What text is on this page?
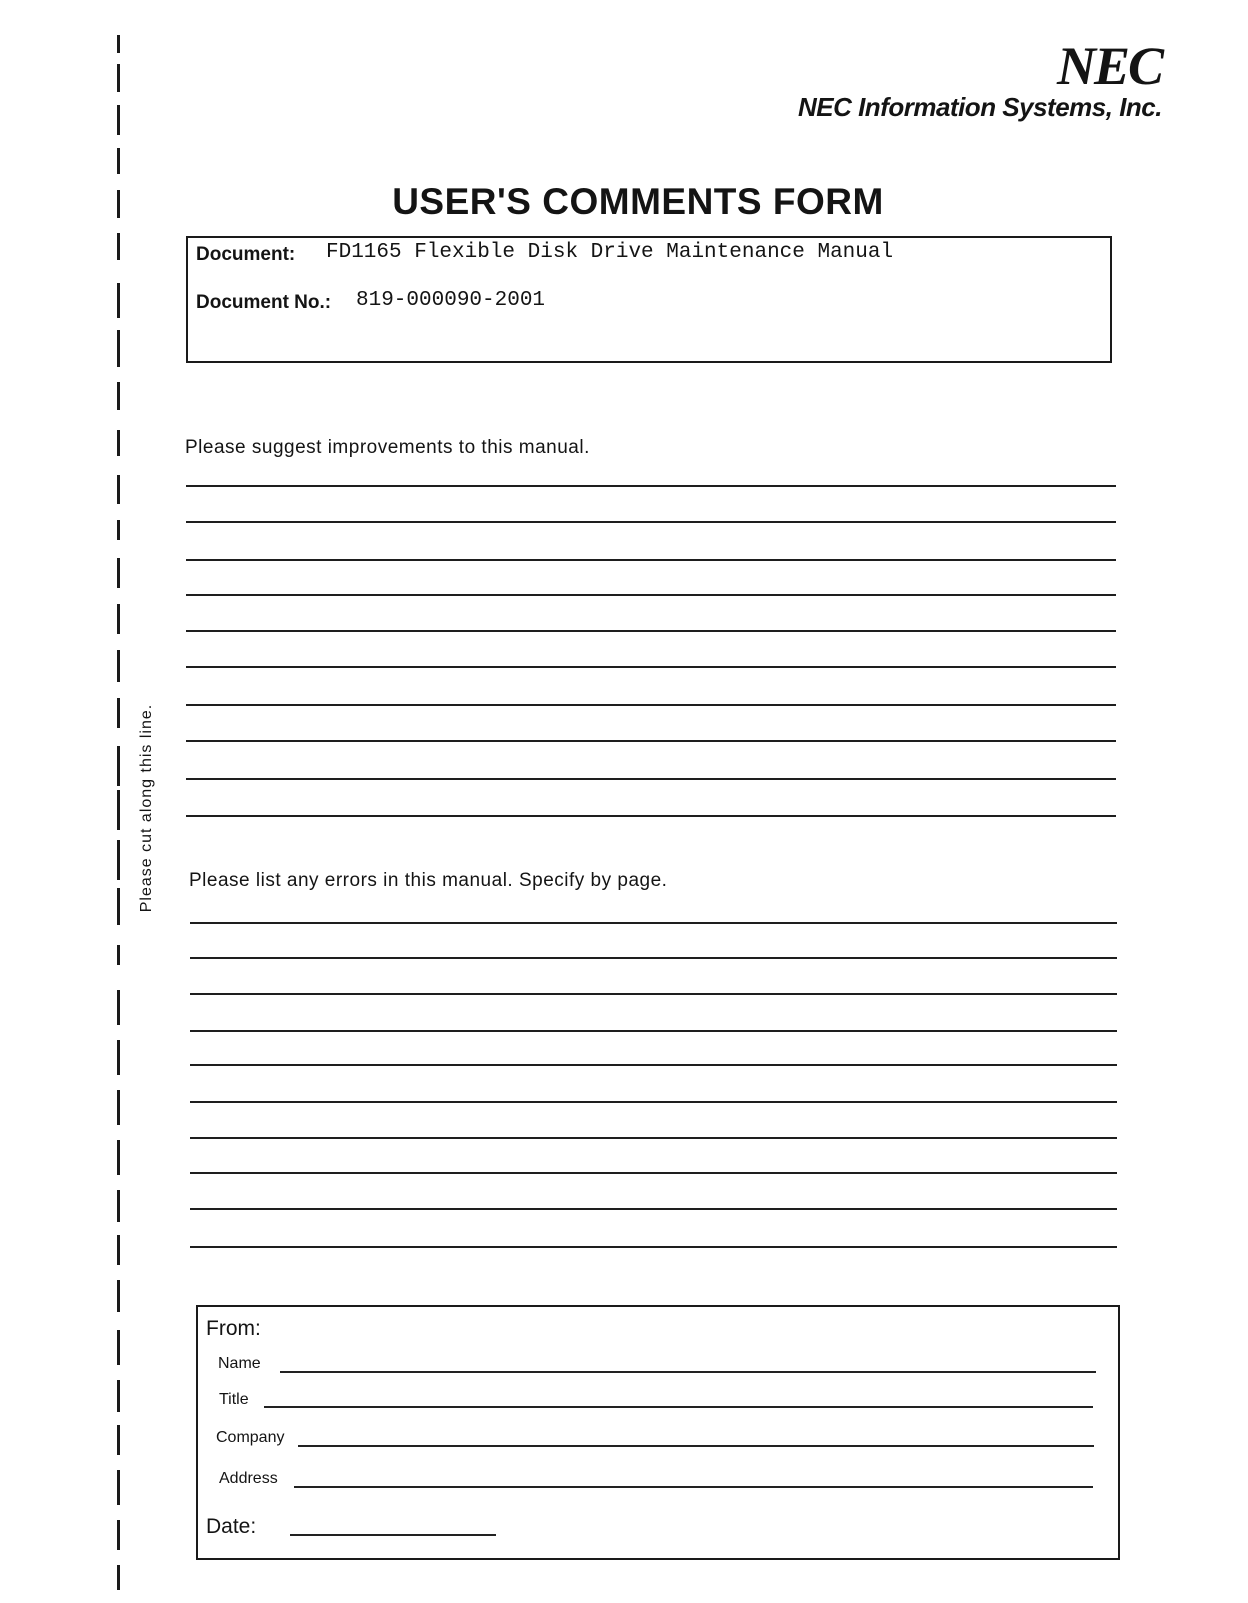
Please cut along this line.
NEC
NEC Information Systems, Inc.
USER'S COMMENTS FORM
Document: FD1165 Flexible Disk Drive Maintenance Manual
Document No.: 819-000090-2001
Please suggest improvements to this manual.
Please list any errors in this manual. Specify by page.
From:
Name
Title
Company
Address
Date:
